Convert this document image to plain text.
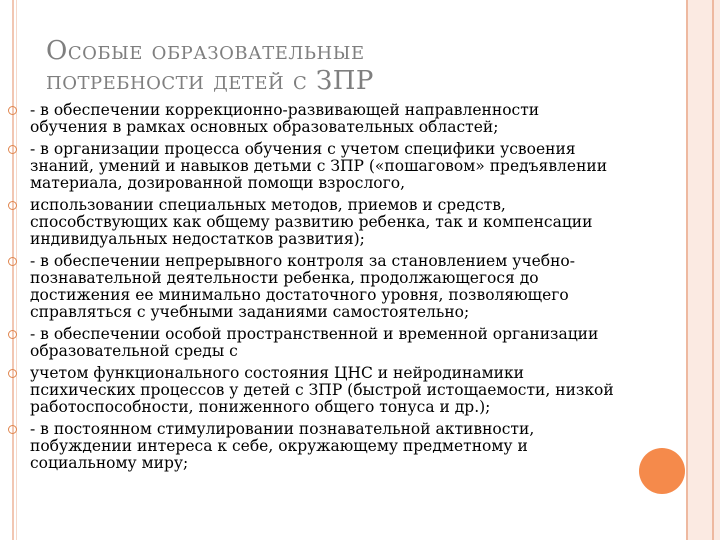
Особые образовательные
потребности детей с ЗПР
- в обеспечении коррекционно-развивающей направленности
обучения в рамках основных образовательных областей;
- в организации процесса обучения с учетом специфики усвоения
знаний, умений и навыков детьми с ЗПР («пошаговом» предъявлении
материала, дозированной помощи взрослого,
использовании специальных методов, приемов и средств,
способствующих как общему развитию ребенка, так и компенсации
индивидуальных недостатков развития);
- в обеспечении непрерывного контроля за становлением учебно-
познавательной деятельности ребенка, продолжающегося до
достижения ее минимально достаточного уровня, позволяющего
справляться с учебными заданиями самостоятельно;
- в обеспечении особой пространственной и временной организации
образовательной среды с
учетом функционального состояния ЦНС и нейродинамики
психических процессов у детей с ЗПР (быстрой истощаемости, низкой
работоспособности, пониженного общего тонуса и др.);
- в постоянном стимулировании познавательной активности,
побуждении интереса к себе, окружающему предметному и
социальному миру;
